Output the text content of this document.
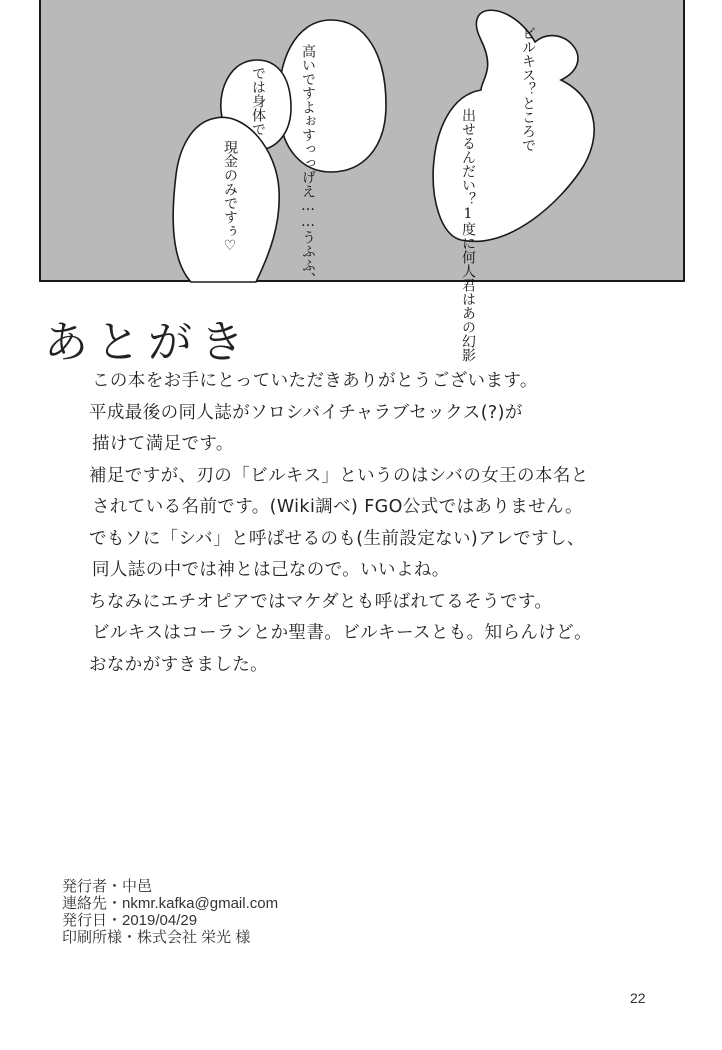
ビルキス？ところで
出せるんだい？1度に何人君はあの幻影
高いですよぉすっっげえ……うふふ、
では身体で
現金のみですぅ♡
あとがき
この本をお手にとっていただきありがとうございます。
平成最後の同人誌がソロシバイチャラブセックス(?)が
描けて満足です。
補足ですが、刃の「ビルキス」というのはシバの女王の本名と
されている名前です。(Wiki調べ) FGO公式ではありません。
でもソに「シバ」と呼ばせるのも(生前設定ない)アレですし、
同人誌の中では神とは己なので。いいよね。
ちなみにエチオピアではマケダとも呼ばれてるそうです。
ビルキスはコーランとか聖書。ビルキースとも。知らんけど。
おなかがすきました。
発行者・中邑
連絡先・nkmr.kafka@gmail.com
発行日・2019/04/29
印刷所様・株式会社 栄光 様
22
